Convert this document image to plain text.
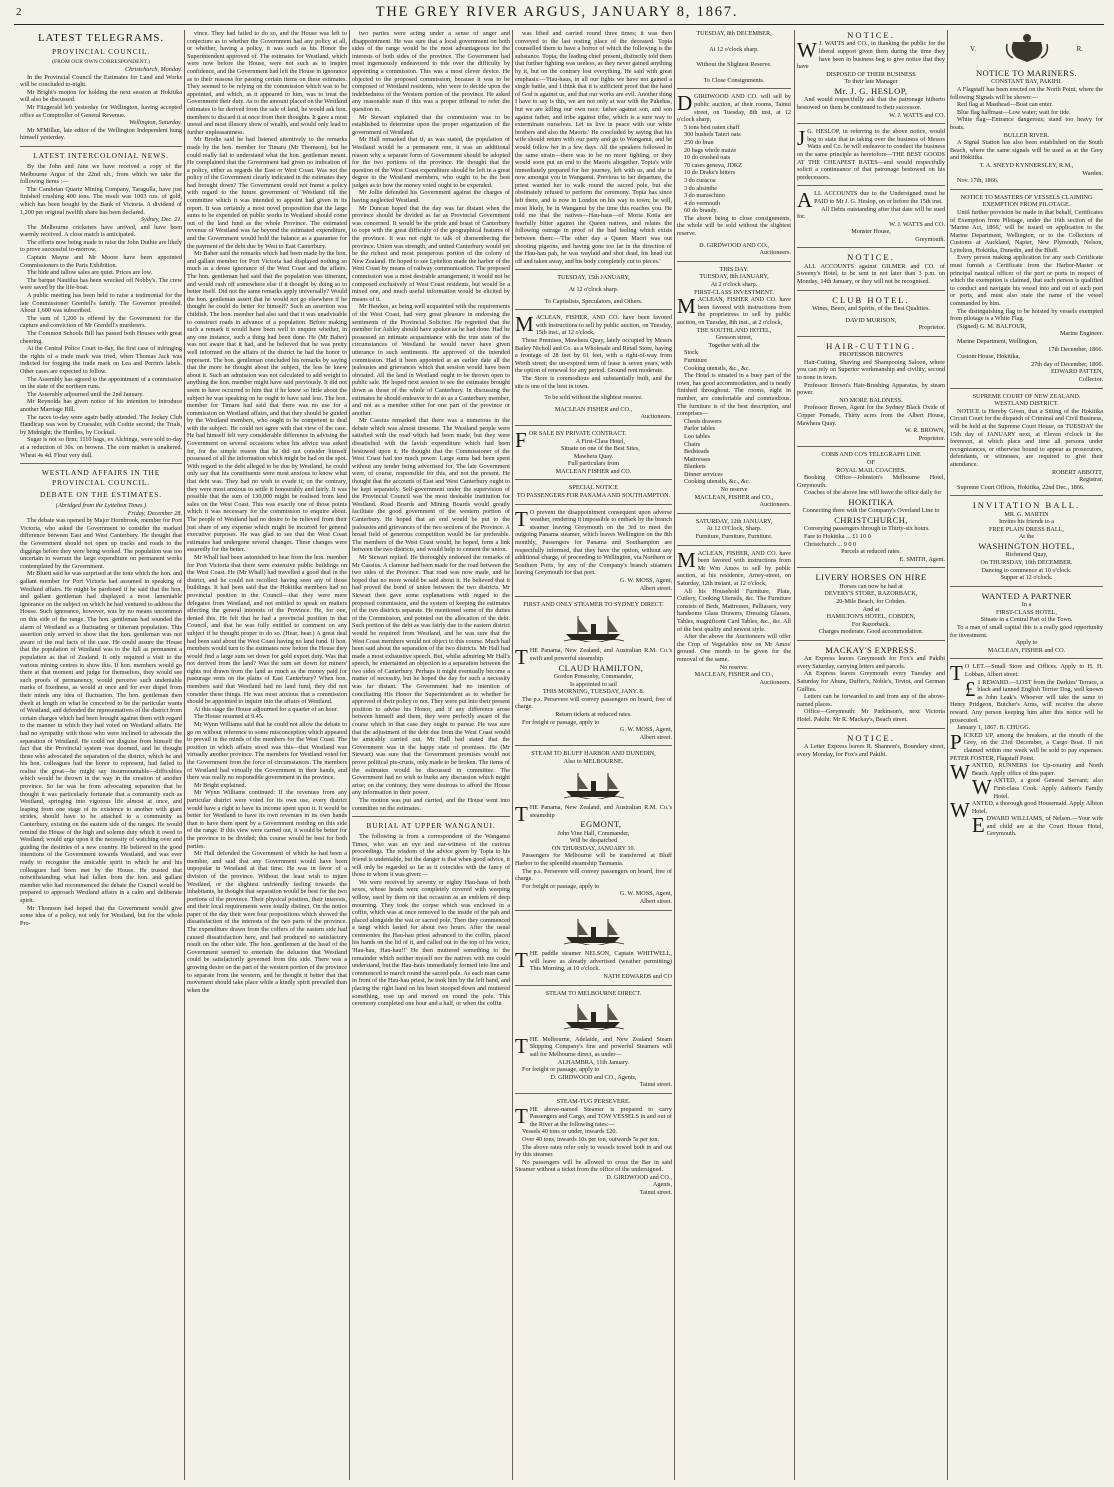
2	THE GREY RIVER ARGUS, JANUARY 8, 1867.
LATEST TELEGRAMS.
PROVINCIAL COUNCIL.

(FROM OUR OWN CORRESPONDENT.)

Christchurch, Monday.

In the Provincial Council the Estimates for Land and Works will be concluded to-night.

Mr Bright's motion for holding the next session at Hokitika will also be discussed.

Mr Fitzgerald left yesterday for Wellington, having accepted office as Comptroller of General Revenue.

Wellington, Saturday.

Mr M'Millan, late editor of the Wellington Independent hung himself yesterday.

LATEST INTERCOLONIAL NEWS.

By the John and Jane we have received a copy of the Melbourne Argus of the 22nd ult., from which we take the following items :—

The Cambrian Quartz Mining Company, Taragulla, have just finished crushing 400 tons. The result was 1003 ozs. of gold, which has been bought by the Bank of Victoria. A dividend of 1,200 per original twelfth share has been declared.

Sydney, Dec. 21.

The Melbourne cricketers have arrived, and have been warmly received. A close match is anticipated.

The efforts now being made to raise the John Duthie are likely to prove successful to-morrow.

Captain Mayne and Mr Moore have been appointed Commissioners to the Paris Exhibition.

The hide and tallow sales are quiet. Prices are low.

The barque Nautilus has been wrecked off Nobby's. The crew were saved by the life-boat.

A public meeting has been held to raise a testimonial for the late Commissioner Grenfell's family. The Governor presided. About 1,600 was subscribed.

The sum of 1,200 is offered by the Government for the capture and conviction of Mr Grenfell's murderers.

The Common Schools Bill has passed both Houses with great cheering.

At the Central Police Court to-day, the first case of infringing the rights of a trade mark was tried, when Thomas Jack was indicted for forging the trade mark on Lea and Perrin's labels. Other cases are expected to follow.

The Assembly has agreed to the appointment of a commission on the state of the northern runs.

The Assembly adjourned until the 2nd January.

Mr Reynolds has given notice of his intention to introduce another Marriage Bill.

The races to-day were again badly attended. The Jockey Club Handicap was won by Cruesaler, with Codrie second; the Trials, by Midnight; the Hurdles, by Cocktail.

Sugar is not so firm; 1110 bags, ex Alchinga, were sold to-day at a reduction of 30s. on browns. The corn market is unaltered. Wheat 4s 4d. Flour very dull.

WESTLAND AFFAIRS IN THE PROVINCIAL COUNCIL.
DEBATE ON THE ESTIMATES.

(Abridged from the Lyttelton Times.)

Friday, December 28.

The debate was opened by Major Hornbrook, member for Port Victoria, who asked the Government to consider the marked difference between East and West Canterbury. He thought that the Government should not open up tracks and roads to the diggings before they were being worked. The population was too uncertain to warrant the large expenditure on permanent works contemplated by the Government.

Mr Bluett said he was surprised at the tone which the hon. and gallant member for Port Victoria had assumed in speaking of Westland affairs. He might be pardoned if he said that the hon. and gallant gentleman had displayed a most lamentable ignorance on the subject on which he had ventured to address the House. Such ignorance, however, was by no means uncommon on this side of the range. The hon. gentleman had sounded the alarm of Westland as a fluctuating or itinerant population. This assertion only served to show that the hon. gentleman was not aware of the real facts of the case. He could assure the House that the population of Westland was to the full as permanent a population as that of Zealand. It only required a visit to the various mining centres to show this. If hon. members would go there at that moment and judge for themselves, they would see such proofs of permanency, would perceive such undeniable marks of fixedness, as would at once and for ever dispel from their minds any idea of fluctuation. The hon. gentleman then dwelt at length on what he conceived to be the particular wants of Westland, and defended the representatives of the district from certain charges which had been brought against them with regard to the manner in which they had voted on Westland affairs. He had no sympathy with those who were inclined to advocate the separation of Westland. He could not disguise from himself the fact that the Provincial system was doomed, and he thought those who advocated the separation of the district, which he and his hon. colleagues had the honor to represent, had failed to realise the great—he might say insurmountable—difficulties which would be thrown in the way in the creation of another province. So far was he from advocating separation that he thought it was particularly fortunate that a community such as Westland, springing into vigorous life almost at once, and leaping from one stage of its existence to another with giant strides, should have to be attached to a community as Canterbury, existing on the eastern side of the ranges. He would remind the House of the high and solemn duty which it owed to Westland; would urge upon it the necessity of watching over and guiding the destinies of a new country. He believed in the good intentions of the Government towards Westland, and was ever ready to recognise the amicable spirit in which he and his colleagues had been met by the House. He trusted that notwithstanding what had fallen from the hon. and gallant member who had recommenced the debate the Council would be prepared to approach Westland affairs in a calm and deliberate spirit.

Mr Thomson had hoped that the Government would give some idea of a policy, not only for Westland, but for the whole Pro-

vince. They had failed to do so, and the House was left to conjecture as to whether the Government had any policy at all, or whether, having a policy, it was such as his Honor the Superintendent approved of. The estimates for Westland, which were now before the House, were not such as to inspire confidence, and the Government had left the House in ignorance as to their reasons for passing certain items on these estimates. They seemed to be relying on the commission which was to be appointed, and which, as it appeared to him, was to treat the Government their duty. As to the amount placed on the Westland estimates to be derived from the sale of land, he would ask hon. members to discard it at once from their thoughts. It gave a most unreal and most illusory show of wealth, and would only lead to further unpleasantness.

Mr Brodie said he had listened attentively to the remarks made by the hon. member for Timaru (Mr Thomson), but he could really fail to understand what the hon. gentleman meant. He complained that the Government had given no indication of a policy, either as regards the East or West Coast. Was not the policy of the Government clearly indicated in the estimates they had brought down? The Government could not frame a policy with regard to the future government of Westland till the committee which it was intended to appoint had given in its report. It was certainly a most novel proposition that the large sums to be expended on public works in Westland should come out of the land fund as the whole Province. The estimated revenue of Westland was far beyond the estimated expenditure, and the Government would hold the balance as a guarantee for the payment of the debt due by West to East Canterbury.

Mr Baber said the remarks which had been made by the hon. and gallant member for Port Victoria had displayed nothing so much as a dense ignorance of the West Coast and the affairs. The hon. gentleman had said that the population was itinerant, and would rush off somewhere else if it thought by doing so to better itself. Did not the same remarks apply universally? Would the hon. gentleman assert that he would not go elsewhere if he thought he could do better for himself? Such an assertion was childish. The hon. member had also said that it was unadvisable to construct roads in advance of a population. Before making such a remark it would have been well to enquire whether, in any one instance, such a thing had been done. He (Mr Baber) was not aware that it had, and he believed that he was pretty well informed on the affairs of the district he had the honor to represent. The hon. gentleman concluded his remarks by saying that the more he thought about the subject, the less he knew about it. Such an admission was not calculated to add weight to anything the hon. member might have said previously. It did not seem to have occurred to him that if he knew so little about the subject he was speaking on he ought to have said less. The hon. member for Timaru had said that there was no use for a commission on Westland affairs, and that they should be guided by the Westland members, who ought to be competent to deal with the subject. He could not agree with that view of the case. He had himself felt very considerable difference in advising the Government on several occasions when his advice was asked for, for the simple reason that he did not consider himself possessed of all the information which might be had on the spot. With regard to the debt alleged to be due by Westland, he could only say that his constituents were most anxious to know what that debt was. They had no wish to evade it; on the contrary, they were most anxious to settle it honourably and fairly. It was possible that the sum of 130,000 might be realised from land sales on the West Coast. This was exactly one of those points which it was necessary for the commission to enquire about. The people of Westland had no desire to be relieved from their just share of any expense which might be incurred for general executive purposes. He was glad to see that the West Coast estimates had undergone several changes. These changes were assuredly for the better.

Mr Whall had been astonished to hear from the hon. member for Port Victoria that there were extensive public buildings on the West Coast. He (Mr Whall) had travelled a good deal in the district, and he could not recollect having seen any of those buildings. It had been said that the Hokitika members had no provincial position in the Council—that they were mere delegates from Westland, and not entitled to speak on matters affecting the general interests of the Province. He, for one, denied this. He felt that he had a provincial position in that Council, and that he was fully entitled to comment on any subject if he thought proper to do so. (Hear, hear.) A great deal had been said about the West Coast having no land fund. If hon. members would turn to the estimates now before the House they would find a large sum set down for gold export duty. Was that not derived from the land? Was the sum set down for miners' rights not drawn from the land as much as the money paid for pasturage rents on the plains of East Canterbury? When hon. members said that Westland had no land fund, they did not consider these things. He was most anxious that a commission should be appointed to inquire into the affairs of Westland.

At this stage the House adjourned for a quarter of an hour.

The House resumed at 9.45.

Mr Wynn Williams said that he could not allow the debate to go on without reference to some misconception which appeared to prevail in the minds of the members for the West Coast. The position in which affairs stood was this—that Westland was virtually another province. The members for Westland voted for the Government from the force of circumstances. The members of Westland had virtually the Government in their hands, and there was really no responsible government in the province.

Mr Bright explained.

Mr Wynn Williams continued: If the revenues from any particular district were voted for its own use, every district would have a right to have its income spent upon it. It would be better for Westland to have its own revenues in its own hands than to have them spent by a Government residing on this side of the range. If this view were carried out, it would be better for the province to be divided; this course would be best for both parties.

Mr Hall defended the Government of which he had been a member, and said that any Government would have been unpopular in Westland at that time. He was in favor of a division of the province. Without the least wish to injure Westland, or the slightest unfriendly feeling towards the inhabitants, he thought that separation would be best for the two portions of the province. Their physical position, their interests, and their local requirements were totally distinct. On the notice paper of the day their were four propositions which showed the dissatisfaction of the interests of the two parts of the province. The expenditure drawn from the coffers of the eastern side had caused dissatisfaction here, and had produced no satisfactory result on the other side. The hon. gentlemen at the head of the Government seemed to entertain the delusion that Westland could be satisfactorily governed from this side. There was a growing desire on the part of the western portion of the province to separate from the western, and he thought it better that that movement should take place while a kindly spirit prevailed than when the

two parties were acting under a sense of anger and disappointment. He was sure that a local government on both sides of the range would be the most advantageous for the interests of both sides of the province. The Government had most ingenuously endeavored to tide over the difficulty by appointing a commission. This was a most clever device. He objected to the proposed commission, because it was to be composed of Westland residents, who were to decide upon the indebtedness of the Western portion of the province. He asked any reasonable man if this was a proper tribunal to refer the question to.

Mr Stewart explained that the commission was to be established to determine upon the proper organization of the government of Westland.

Mr Hall remarked that if, as was stated, the population of Westland would be a permanent one, it was an additional reason why a separate form of Government should be adopted for the two portions of the province. He thought that the question of the West Coast expenditure should be left in a great degree to the Westland members, who ought to be the best judges as to how the money voted ought to be expended.

Mr Jollie defended his Government against the charges of having neglected Westland.

Mr Duncan hoped that the day was far distant when the province should be divided as far as Provincial Government was concerned. It would be the pride and boast of Canterbury to cope with the great difficulty of the geographical features of the province. It was not right to talk of dismembering the province. Union was strength, and united Canterbury would yet be the richest and most prosperous portion of the colony of New Zealand. He hoped to see Lyttelton made the harbor of the West Coast by means of railway communication. The proposed commission was a most desirable arrangement; it would not be composed exclusively of West Coast residents, but would be a mixed one, and much useful information would be elicited by means of it.

Mr Hawkes, as being well acquainted with the requirements of the West Coast, had very great pleasure in endorsing the sentiments of the Provincial Solicitor. He regretted that the member for Ashley should have spoken as he had done. Had he possessed an intimate acquaintance with the true state of the circumstances of Westland he would never have given utterance to such sentiments. He approved of the intended commission. Had it been appointed at an earlier date all the jealousies and grievances which that session would have been obviated. All the land in Westland ought to be thrown open to public sale. He hoped next session to see the estimates brought down as those of the whole of Canterbury. In discussing the estimates he should endeavor to do so as a Canterbury member, and not as a member either for one part of the province or another.

Mr Cassius remarked that there was a numerous in the debate which was almost tiresome. The Westland people were satisfied with the road which had been made, but they were dissatisfied with the lavish expenditure which had been bestowed upon it. He thought that the Commissioner of the West Coast had too much power. Large sums had been spent without any tender being advertised for. The late Government were, of course, responsible for this, and not the present. He thought that the accounts of East and West Canterbury ought to be kept separately. Self-government under the supervision of the Provincial Council was the most desirable institution for Westland. Road Boards and Mining Boards would greatly facilitate the good government of the western portion of Canterbury. He hoped that an end would be put to the jealousies and grievances of the two sections of the Province. A broad field of generous competition would be far preferable. The members of the West Coast would, he hoped, form a link between the two districts, and would help to cement the union.

Mr Stewart replied. He thoroughly endorsed the remarks of Mr Cassius. A clamour had been made for the road between the two sides of the Province. That road was now made, and he hoped that no more would be said about it. He believed that it had proved the bond of union between the two districts. Mr Stewart then gave some explanations with regard to the proposed commission, and the system of keeping the estimates of the two districts separate. He mentioned some of the duties of the Commission, and pointed out the allocation of the debt. Such portion of the debt as was fairly due to the eastern district would be required from Westland, and he was sure that the West Coast members would not object to this course. Much had been said about the separation of the two districts. Mr Hall had made a most exhaustive speech. But, whilst admiring Mr Hall's speech, he entertained an objection to a separation between the two sides of Canterbury. Perhaps it might eventually become a matter of necessity, but he hoped the day for such a necessity was far distant. The Government had no intention of conciliating His Honor the Superintendent as to whether he approved of their policy or not. They were put into their present position to advise his Honor, and if any difference arose between himself and them, they were perfectly aware of the course which in that case they ought to pursue. He was sure that the adjustment of the debt due from the West Coast would be amicably carried out. Mr Hall had stated that the Government was in the happy state of promises. He (Mr Stewart) was sure that the Government promises would not prove political pie-crusts, only made to be broken. The items of the estimates would be discussed in committee. The Government had no wish to burke any discussion which might arise; on the contrary, they were desirous to afford the House any information in their power.

The motion was put and carried, and the House went into committee on the estimates.

BURIAL AT UPPER WANGANUI.

The following is from a correspondent of the Wanganui Times, who was an eye and ear-witness of the curious proceedings. The wisdom of the advice given by Topia to his friend is undeniable, but the danger is that when good advice, it will only be regarded so far as it coincides with the fancy of those to whom it was given:—

We were received by seventy or eighty Hau-haus of both sexes, whose heads were completely covered with weeping willow, used by them on that occasion as an emblem of deep mourning. They took the corpse which was enclosed in a coffin, which was at once removed to the inside of the pah and placed alongside the wai or sacred pole. Then they commenced a tangi which lasted for about two hours. After the usual ceremonies the Hau-hau priest advanced to the coffin, placed his hands on the lid of it, and called out to the top of his voice, 'Hau-hau, Hau-hau!!' He then muttered something to the remainder which neither myself nor the natives with me could understand, but the Hau-haus immediately formed into line and commenced to march round the sacred pole. As each man came in front of the Hau-hau priest, he took him by the left hand, and placing the right hand on his heart stooped down and muttered something, rose up and moved on round the pole. This ceremony completed one hour and a half, or when the coffin

was lifted and carried round three times; it was then conveyed to the last resting place of the deceased. Topia counselled them to have a horror of which the following is the substance. Topia; the leading chief present, distinctly told them that further fighting was useless, as they never gained anything by it, but on the contrary lost everything. He said with great emphasis:—'Hau-haus, in all our fights we have not gained a single battle, and I think that it is sufficient proof that the hand of God is against us, and that our works are evil. Another thing I have to say is this, we are not only at war with the Pakehas, but we are killing our own race: father against son, and son against father, and tribe against tribe, which is a sure way to exterminate ourselves. Let us live in peace with our white brothers and also the Maoris.' He concluded by saying that his wife should return with our party and go to Wanganui, and he would follow her in a few days. All the speakers followed in the same strain—there was to be no more fighting, or they would soon put an end to the Maoris altogether. Topia's wife immediately prepared for her journey, left with us, and she is now amongst you in Wanganui. Previous to her departure, the priest wanted her to walk round the sacred pole, but she obstinately refused to perform the ceremony. Topia has since left there, and is now in London on his way to town; he will, most likely, be in Wanganui by the time this reaches you. He told me that the natives—Hau-haus—of Moria Kotia are fearfully bitter against the Queen natives, and relates the following outrage in proof of the bad feeling which exists between them:—'The other day a Queen Maori was out shooting pigeons, and having gone too far in the direction of the Hau-hau pah, he was waylaid and shot dead, his head cut off and taken away, and his body completely cut to pieces.'

TUESDAY, 15th JANUARY,

At 12 o'clock sharp.

To Capitalists, Speculators, and Others.

MACLEAN, FISHER, AND CO. have been favored with instructions to sell by public auction, on Tuesday, 15th inst., at 12 o'clock,

Those Premises, Mawhera Quay, lately occupied by Messrs Bailey Nicholl and Co. as a Wholesale and Retail Store, having a frontage of 28 feet by 61 feet, with a right-of-way from Worth street; the un-expired term of lease is seven years, with the option of renewal for any period. Ground rent moderate.

The Store is commodious and substantially built, and the site is one of the best in town.

To be sold without the slightest reserve.

MACLEAN FISHER and CO.,

Auctioneers.

FOR SALE BY PRIVATE CONTRACT.

A First-Class Hotel,

Situate on one of the Best Sites,

Mawhera Quay.

Full particulars from

MACLEAN FISHER and CO.

SPECIAL NOTICE

TO PASSENGERS FOR PANAMA AND SOUTHAMPTON.

T O prevent the disappointment consequent upon adverse weather, rendering it impossible to embark by the branch steamer leaving Greymouth on the 3rd to meet the outgoing Panama steamer, which leaves Wellington on the 8th monthly, Passengers for Panama and Southampton are respectfully informed, that they have the option, without any additional charge, of proceeding to Wellington, via Northern or Southern Ports, by any of the Company's branch steamers leaving Greymouth for that port.

G. W. MOSS, Agent,

Albert street.

FIRST AND ONLY STEAMER TO SYDNEY DIRECT.

THE Panama, New Zealand, and Australian R.M. Co.'s swift and powerful steamship

CLAUD HAMILTON,

Gordon Ponsonby, Commander,

Is appointed to sail

THIS MORNING, TUESDAY, JANY. 8.

The p.s. Persevere will convey passengers on board, free of charge.

Return tickets at reduced rates.

For freight or passage, apply to

G. W. MOSS, Agent,

Albert street.

STEAM TO BLUFF HARBOR AND DUNEDIN,

Also to MELBOURNE.

THE Panama, New Zealand, and Australian R.M. Co.'s steamship

EGMONT,

John Vine Hall, Commander,

Will be despatched

ON THURSDAY, JANUARY 10.

Passengers for Melbourne will be transferred at Bluff Harbor to the splendid steamship Tasmania.

The p.s. Persevere will convey passengers on board, free of charge.

For freight or passage, apply to

G. W. MOSS, Agent,

Albert street.

THE paddle steamer NELSON, Captain WHITWELL, will leave as already advertised (weather permitting) This Morning, at 10 o'clock.

NATH EDWARDS and CO

STEAM TO MELBOURNE DIRECT.

THE Melbourne, Adelaide, and New Zealand Steam Shipping Company's fine and powerful Steamers will sail for Melbourne direct, as under—

ALHAMBRA, 11th January.

For freight or passage, apply to

D. GIRDWOOD and CO., Agents,

Tainui street.

STEAM-TUG PERSEVERE.

THE above-named Steamer is prepared to carry Passengers and Cargo, and TOW VESSELS in and out of the River at the following rates:—

Vessels 40 tons or under, inwards £20.

Over 40 tons, inwards 10s per ton, outwards 5s per ton.

The above rates refer only to vessels towed both in and out by this steamer.

No passengers will be allowed to cross the Bar in said Steamer without a ticket from the office of the undersigned.

D. GIRDWOOD and CO.,

Agents,

Tainui street.

TUESDAY, 8th DECEMBER,

At 12 o'clock sharp.

Without the Slightest Reserve.

To Close Consignments.

DGIRDWOOD AND CO. will sell by public auction, at their rooms, Tainui street, on Tuesday, 8th inst, at 12 o'clock sharp,

5 tons best oaten chaff

300 bushels Taieri oats

250 do bran

20 bags whole maize

10 do crushed oats

70 cases geneva, JDKZ

10 do Drake's bitters

3 do curacoa

3 do absinthe

3 do maraschino

4 do vermouth

60 do brandy.

The above being to close consignments, the whole will be sold without the slightest reserve.

D. GIRDWOOD AND CO.,

Auctioneers.

THIS DAY.

TUESDAY, 8th JANUARY,

At 2 o'clock sharp.

FIRST-CLASS INVESTMENT.

MACLEAN, FISHER AND CO. have been favored with instructions from the proprietress to sell by public auction, on Tuesday, 8th inst., at 2 o'clock,

THE SOUTHLAND HOTEL,

Gresson street,

Together with all the

Stock

Furniture

Cooking utensils, &c., &c.

The Hotel is situated in a busy part of the town, has good accommodation, and is neatly finished throughout. The rooms, eight in number, are comfortable and commodious. The furniture is of the best description, and comprises—

Chests drawers

Parlor tables

Loo tables

Chairs

Bedsteads

Mattresses

Blankets

Dinner services

Cooking utensils, &c., &c.

No reserve

MACLEAN, FISHER and CO.,

Auctioneers.

SATURDAY, 12th JANUARY,

At 12 O'Clock, Sharp.

Furniture, Furniture, Furniture.

MACLEAN, FISHER, AND CO. have been favored with instructions from Mr Wm Amos to sell by public auction, at his residence, Arney-street, on Saturday, 12th instant, at 12 o'clock,

All his Household Furniture, Plate, Cutlery, Cooking Utensils, &c. The Furniture consists of Beds, Mattresses, Palliasses, very handsome Glass Drawers, Dressing Glasses, Tables, magnificent Card Tables, &c., &c. All of the best quality and newest style.

After the above the Auctioneers will offer the Crop of Vegetables now on Mr Amos' ground. One month to be given for the removal of the same.

No reserve.

MACLEAN, FISHER and CO.,

Auctioneers.

NOTICE.

W J. WATTS and CO., in thanking the public for the liberal support given them during the time they have been in business beg to give notice that they have

DISPOSED OF THEIR BUSINESS

To their late Manager

Mr. J. G. HESLOP,

And would respectfully ask that the patronage hitherto bestowed on them be continued to their successor.

W. J. WATTS and CO.

J G. HESLOP, in referring to the above notice, would beg to state that in taking over the business of Messrs Watts and Co. he will endeavor to conduct the business on the same principle as heretofore—THE BEST GOODS AT THE CHEAPEST RATES—and would respectfully solicit a continuance of that patronage bestowed on his predecessors.

ALL ACCOUNTS due to the Undersigned must be PAID to Mr J. G. Heslop, on or before the 15th inst.

All Debts outstanding after that date will be sued for.

W. J. WATTS and CO.

Monster House,

Greymouth.

NOTICE.

ALL ACCOUNTS against GILMER and CO. of Sweeny's Hotel, to be sent in not later than 3 p.m. on Monday, 14th January, or they will not be recognised.

CLUB HOTEL.

Wines, Beers, and Spirits, of the Best Qualities.

DAVID MURISON,

Proprietor.

HAIR-CUTTING.

PROFESSOR BROWN'S

Hair-Cutting, Shaving and Shampooing Saloon, where you can rely on Superior workmanship and civility, second to none in town.

Professor Brown's Hair-Brushing Apparatus, by steam power.

NO MORE BALDNESS.

Professor Brown, Agent for the Sydney Black Oxide of Copper Pomade, Thirty acres from the Albert House, Mawhera Quay.

W. R. BROWN,

Proprietor.

COBB AND CO'S TELEGRAPH LINE

OF

ROYAL MAIL COACHES.

Booking Office—Johnston's Melbourne Hotel, Greymouth.

Coaches of the above line will leave the office daily for

HOKITIKA

Connecting there with the Company's Overland Line to

CHRISTCHURCH,

Conveying passengers through in Thirty-six hours.

Fare to Hokitika ... £1 10 0

Christchurch ... 9 0 0

Parcels at reduced rates.

E. SMITH, Agent.

LIVERY HORSES ON HIRE

Horses can now be had at

DEVERY'S STORE, RAZORBACK,

20-Mile Beach, for Cobden.

And at

HAMILTON'S HOTEL, COBDEN,

For Razorback.

Charges moderate. Good accommodation.

MACKAY'S EXPRESS.

An Express leaves Greymouth for Fox's and Pakihi every Saturday, carrying letters and parcels.

An Express leaves Greymouth every Tuesday and Saturday for Ahura, Duffer's, Noble's, Teviot, and German Gullies.

Letters can be forwarded to and from any of the above-named places.

Office—Greymouth: Mr Parkinson's, next Victoria Hotel. Pakihi: Mr R. Mackay's, Beach street.

NOTICE.

A Letter Express leaves R. Shannon's, Boundary street, every Monday, for Fox's and Pakihi.

V.	R.

NOTICE TO MARINERS.

CONSTANT BAY, PAKIHI.

A Flagstaff has been erected on the North Point, where the following Signals will be shown:—

Red flag at Masthead—Boat can enter.

Blue flag halfmast—Low water; wait for tide.

White flag—Entrance dangerous; stand too heavy for boats.

BULLER RIVER.

A Signal Station has also been established on the South Beach, where the same signals will be used as at the Grey and Hokitika.

T. A. SNEYD KYNNERSLEY, R.M.,

Warden.

Nov. 17th, 1866.

NOTICE TO MASTERS OF VESSELS CLAIMING EXEMPTION FROM PILOTAGE.

Until further provision be made in that behalf, Certificates of Exemption from Pilotage, under the 16th section of the 'Marine Act, 1866,' will be issued on application to the Marine Department, Wellington, or to the Collectors of Customs at Auckland, Napier, New Plymouth, Nelson, Lyttelton, Hokitika, Dunedin, and the Bluff.

Every person making application for any such Certificate must furnish a Certificate from the Harbor-Master or principal nautical officer of the port or ports in respect of which the exemption is claimed, that such person is qualified to conduct and navigate his vessel into and out of such port or ports, and must also state the name of the vessel commanded by him.

The distinguishing flag to be hoisted by vessels exempted from pilotage is a White Flag.

(Signed) G. M. BALFOUR,

Marine Engineer.

Marine Department, Wellington,

17th December, 1866.

Custom House, Hokitika,

27th day of December, 1866.

EDWARD PATTEN,

Collector.

SUPREME COURT OF NEW ZEALAND.

WESTLAND DISTRICT.

NOTICE is Hereby Given, that a Sitting of the Hokitika Circuit Court for the dispatch of Criminal and Civil Business, will be held at the Supreme Court House, on TUESDAY the 15th day of JANUARY next, at Eleven o'clock in the forenoon, at which place and time all persons under recognizances, or otherwise bound to appear as prosecutors, defendants, or witnesses, are required to give their attendance.

ROBERT ABBOTT,

Registrar.

Supreme Court Offices, Hokitika, 22nd Dec., 1866.

INVITATION BALL.

MR. G. MARTIN

Invites his friends to a

FREE PLAIN DRESS BALL,

At the

WASHINGTON HOTEL,

Richmond Quay,

On THURSDAY, 10th DECEMBER.

Dancing to commence at 10 o'clock.

Supper at 12 o'clock.

WANTED A PARTNER

In a

FIRST-CLASS HOTEL,

Situate in a Central Part of the Town.

To a man of small capital this is a really good opportunity for investment.

Apply to

MACLEAN, FISHER and CO.

T O LET.—Small Store and Offices. Apply to H. H. Lobban, Albert street.

£ 1 REWARD.—LOST from the Darkies' Terrace, a black and tanned English Terrier Dog, well known as John Leak's. Whoever will take the same to Henry Pridgeon, Butcher's Arms, will receive the above reward. Any person keeping him after this notice will be prosecuted.

January 1, 1867. B. CHUGG.

PICKED UP, among the breakers, at the mouth of the Grey, on the 23rd December, a Cargo Boat. If not claimed within one week will be sold to pay expenses. PETER FOSTER, Flagstaff Point.

WANTED, RUNNERS for Up-country and North Beach. Apply office of this paper.

WANTED, a good General Servant; also First-class Cook. Apply Ashton's Family Hotel.

WANTED, a thorough good Housemaid. Apply Albion Hotel.

EDWARD WILLIAMS, of Nelson.—Your wife and child are at the Court House Hotel, Greymouth.
